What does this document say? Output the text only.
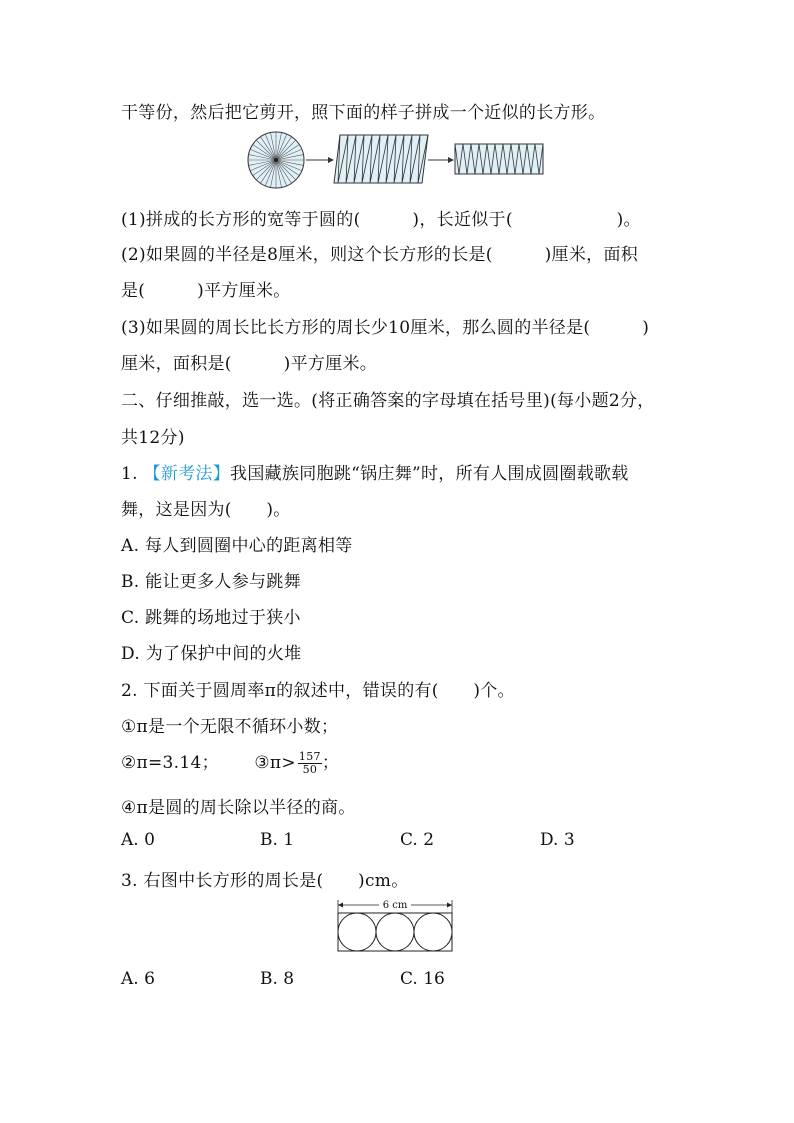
干等份，然后把它剪开，照下面的样子拼成一个近似的长方形。
(1)拼成的长方形的宽等于圆的(　　　)，长近似于(　　　　　　)。
(2)如果圆的半径是8厘米，则这个长方形的长是(　　　)厘米，面积
是(　　　)平方厘米。
(3)如果圆的周长比长方形的周长少10厘米，那么圆的半径是(　　　)
厘米，面积是(　　　)平方厘米。
二、仔细推敲，选一选。(将正确答案的字母填在括号里)(每小题2分，
共12分)
1. 【新考法】我国藏族同胞跳“锅庄舞”时，所有人围成圆圈载歌载
舞，这是因为(　　)。
A. 每人到圆圈中心的距离相等
B. 能让更多人参与跳舞
C. 跳舞的场地过于狭小
D. 为了保护中间的火堆
2. 下面关于圆周率π的叙述中，错误的有(　　)个。
①π是一个无限不循环小数；
②π=3.14； ③π> $\frac{157}{50}$ ；
④π是圆的周长除以半径的商。
A. 0	B. 1	C. 2	D. 3
3. 右图中长方形的周长是(　　)cm。
6 cm
A. 6	B. 8	C. 16
